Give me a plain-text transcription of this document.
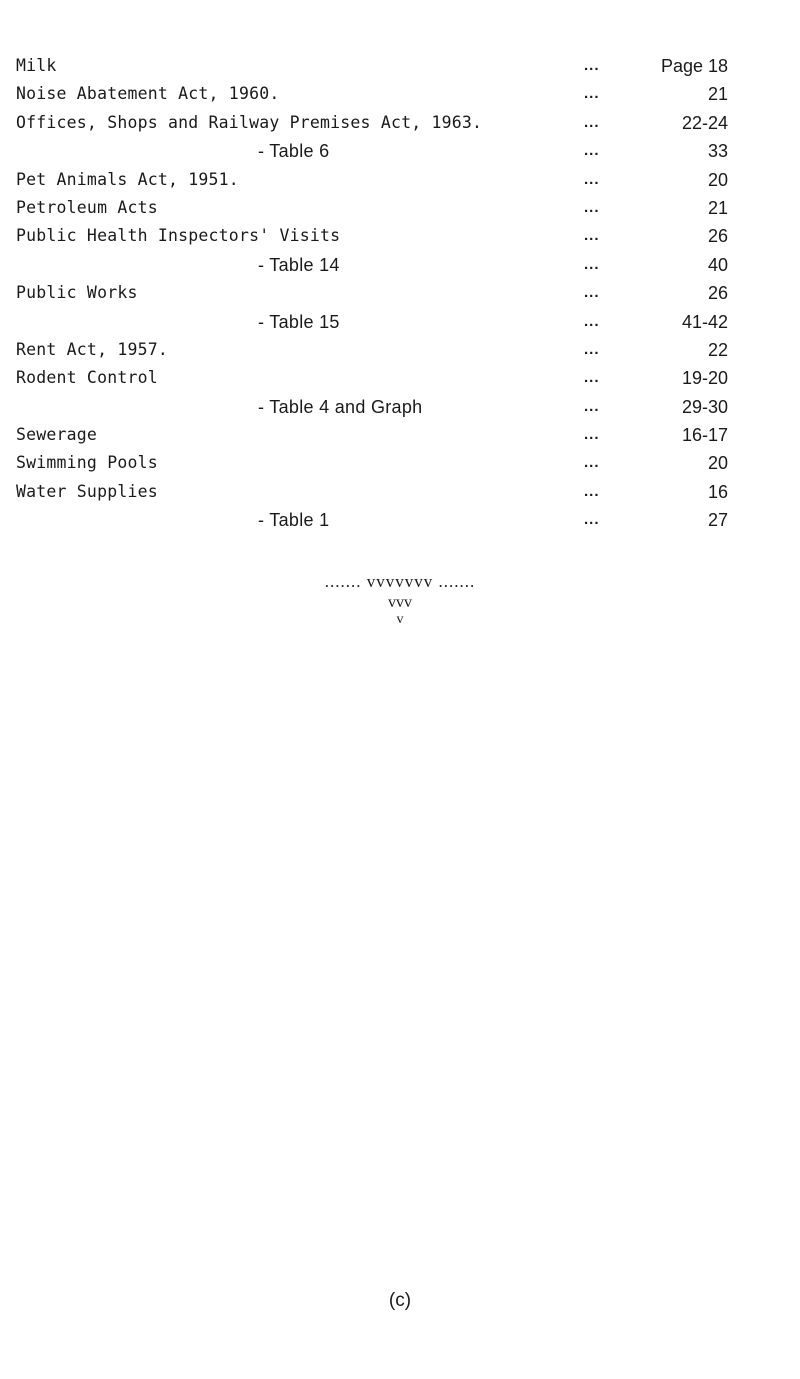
Milk	...	Page 18
Noise Abatement Act, 1960.	...	21
Offices, Shops and Railway Premises Act, 1963.	...	22-24
- Table 6	...	33
Pet Animals Act, 1951.	...	20
Petroleum Acts	...	21
Public Health Inspectors' Visits	...	26
- Table 14	...	40
Public Works	...	26
- Table 15	...	41-42
Rent Act, 1957.	...	22
Rodent Control	...	19-20
- Table 4 and Graph	...	29-30
Sewerage	...	16-17
Swimming Pools	...	20
Water Supplies	...	16
- Table 1	...	27
....... vvvvvvv .......
vvv
v
(c)
